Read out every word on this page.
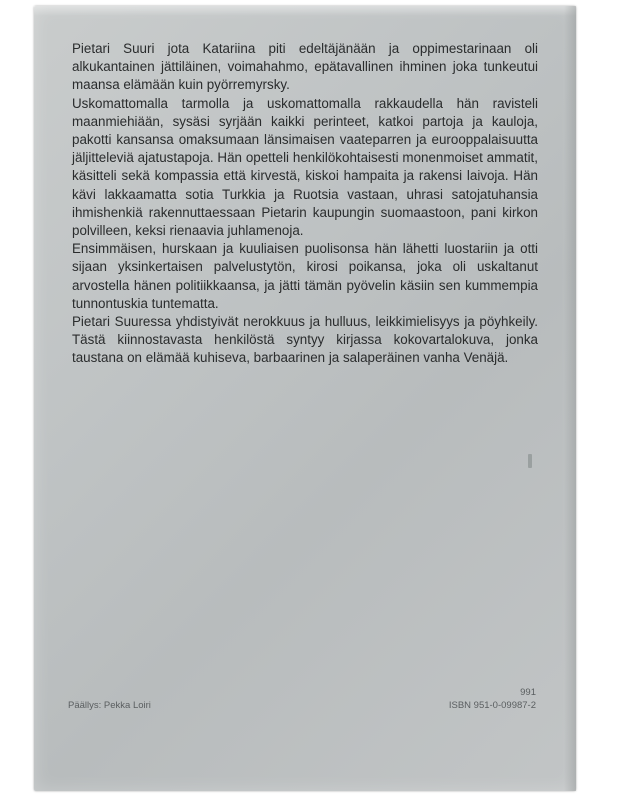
Pietari Suuri jota Katariina piti edeltäjänään ja oppimestarinaan oli alkukantainen jättiläinen, voimahahmo, epätavallinen ihminen joka tunkeutui maansa elämään kuin pyörremyrsky.

Uskomattomalla tarmolla ja uskomattomalla rakkaudella hän ravisteli maanmiehiään, sysäsi syrjään kaikki perinteet, katkoi partoja ja kauloja, pakotti kansansa omaksumaan länsimaisen vaateparren ja eurooppalaisuutta jäljitteleviä ajatustapoja. Hän opetteli henkilökohtaisesti monenmoiset ammatit, käsitteli sekä kompassia että kirvestä, kiskoi hampaita ja rakensi laivoja. Hän kävi lakkaamatta sotia Turkkia ja Ruotsia vastaan, uhrasi satojatuhansia ihmishenkiä rakennuttaessaan Pietarin kaupungin suomaastoon, pani kirkon polvilleen, keksi rienaavia juhlamenoja.

Ensimmäisen, hurskaan ja kuuliaisen puolisonsa hän lähetti luostariin ja otti sijaan yksinkertaisen palvelustytön, kirosi poikansa, joka oli uskaltanut arvostella hänen politiikkaansa, ja jätti tämän pyövelin käsiin sen kummempia tunnontuskia tuntematta.

Pietari Suuressa yhdistyivät nerokkuus ja hulluus, leikkimielisyys ja pöyhkeily. Tästä kiinnostavasta henkilöstä syntyy kirjassa kokovartalokuva, jonka taustana on elämää kuhiseva, barbaarinen ja salaperäinen vanha Venäjä.

Päällys: Pekka Loiri
991
ISBN 951-0-09987-2
